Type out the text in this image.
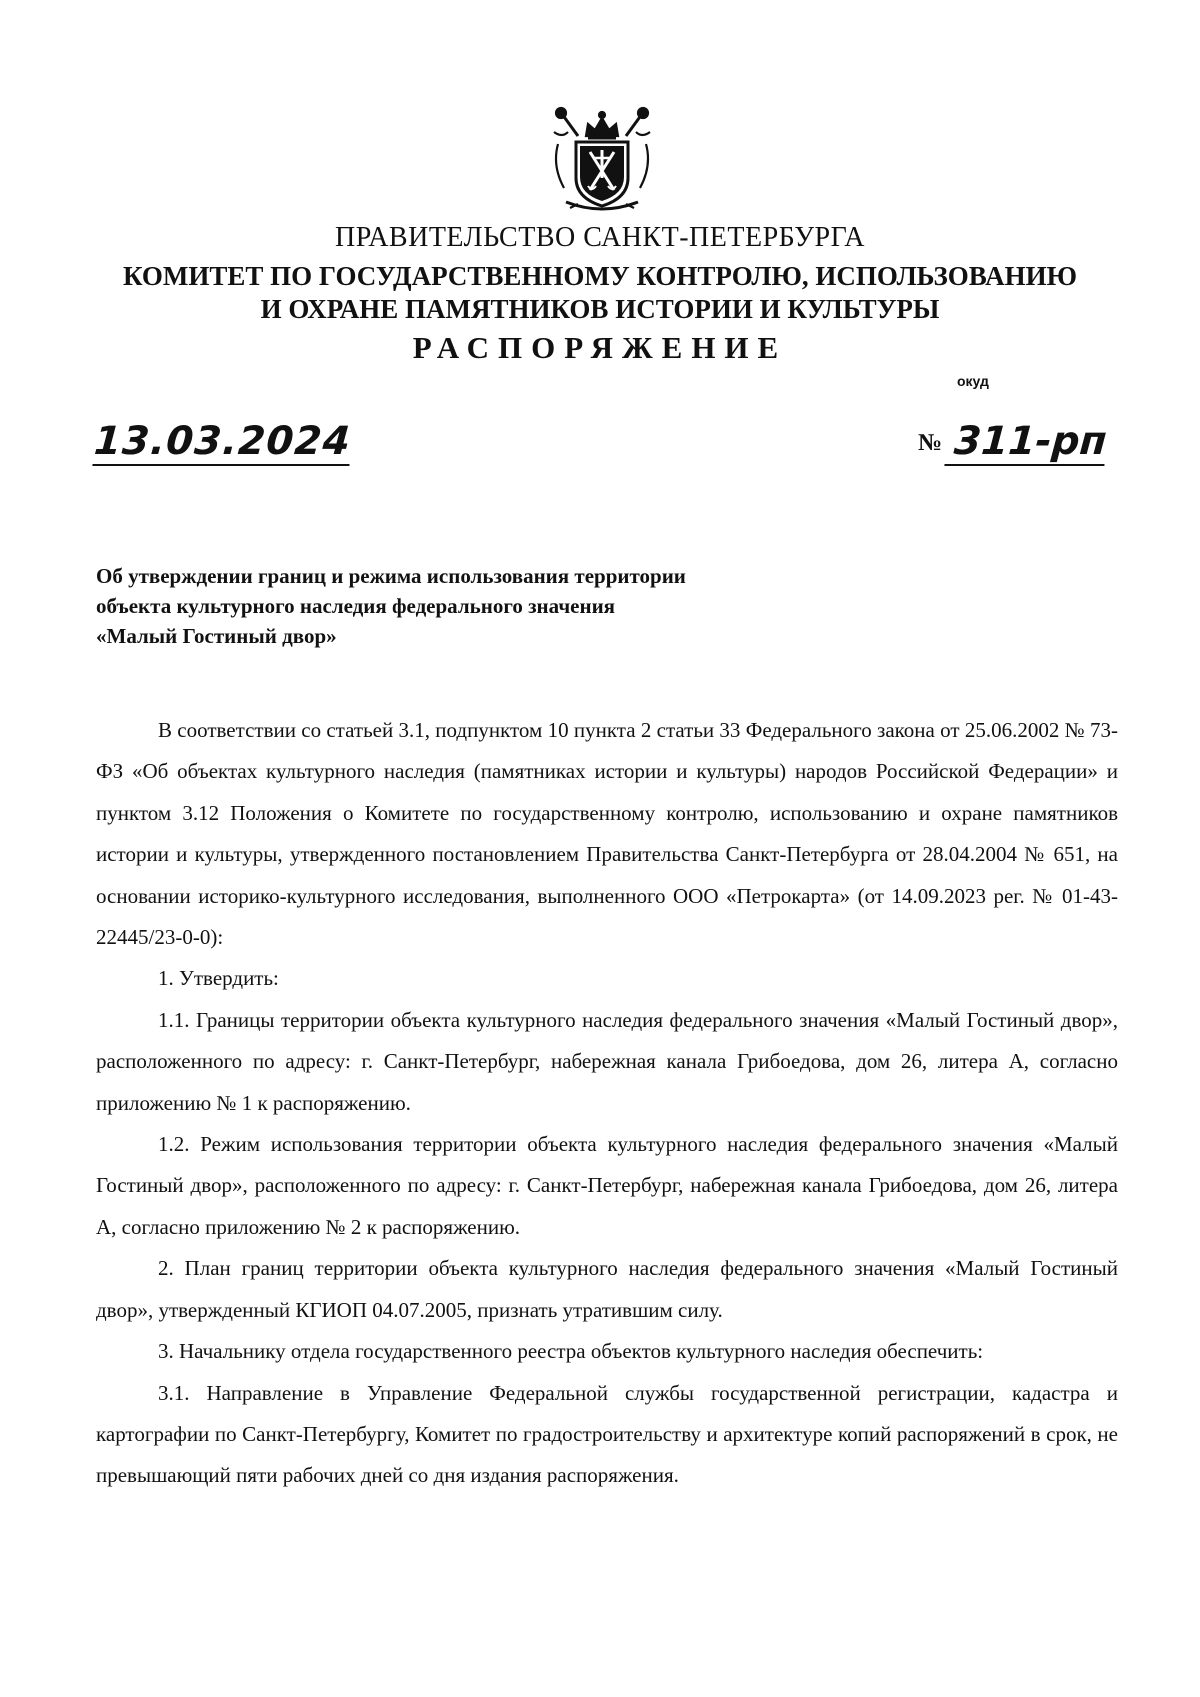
ПРАВИТЕЛЬСТВО САНКТ-ПЕТЕРБУРГА
КОМИТЕТ ПО ГОСУДАРСТВЕННОМУ КОНТРОЛЮ, ИСПОЛЬЗОВАНИЮ
И ОХРАНЕ ПАМЯТНИКОВ ИСТОРИИ И КУЛЬТУРЫ
РАСПОРЯЖЕНИЕ
окуд
13.03.2024	№ 311-рп
Об утверждении границ и режима использования территории
объекта культурного наследия федерального значения
«Малый Гостиный двор»

В соответствии со статьей 3.1, подпунктом 10 пункта 2 статьи 33 Федерального закона от 25.06.2002 № 73-ФЗ «Об объектах культурного наследия (памятниках истории и культуры) народов Российской Федерации» и пунктом 3.12 Положения о Комитете по государственному контролю, использованию и охране памятников истории и культуры, утвержденного постановлением Правительства Санкт-Петербурга от 28.04.2004 № 651, на основании историко-культурного исследования, выполненного ООО «Петрокарта» (от 14.09.2023 рег. № 01-43-22445/23-0-0):

1. Утвердить:

1.1. Границы территории объекта культурного наследия федерального значения «Малый Гостиный двор», расположенного по адресу: г. Санкт-Петербург, набережная канала Грибоедова, дом 26, литера А, согласно приложению № 1 к распоряжению.

1.2. Режим использования территории объекта культурного наследия федерального значения «Малый Гостиный двор», расположенного по адресу: г. Санкт-Петербург, набережная канала Грибоедова, дом 26, литера А, согласно приложению № 2 к распоряжению.

2. План границ территории объекта культурного наследия федерального значения «Малый Гостиный двор», утвержденный КГИОП 04.07.2005, признать утратившим силу.

3. Начальнику отдела государственного реестра объектов культурного наследия обеспечить:

3.1. Направление в Управление Федеральной службы государственной регистрации, кадастра и картографии по Санкт-Петербургу, Комитет по градостроительству и архитектуре копий распоряжений в срок, не превышающий пяти рабочих дней со дня издания распоряжения.
